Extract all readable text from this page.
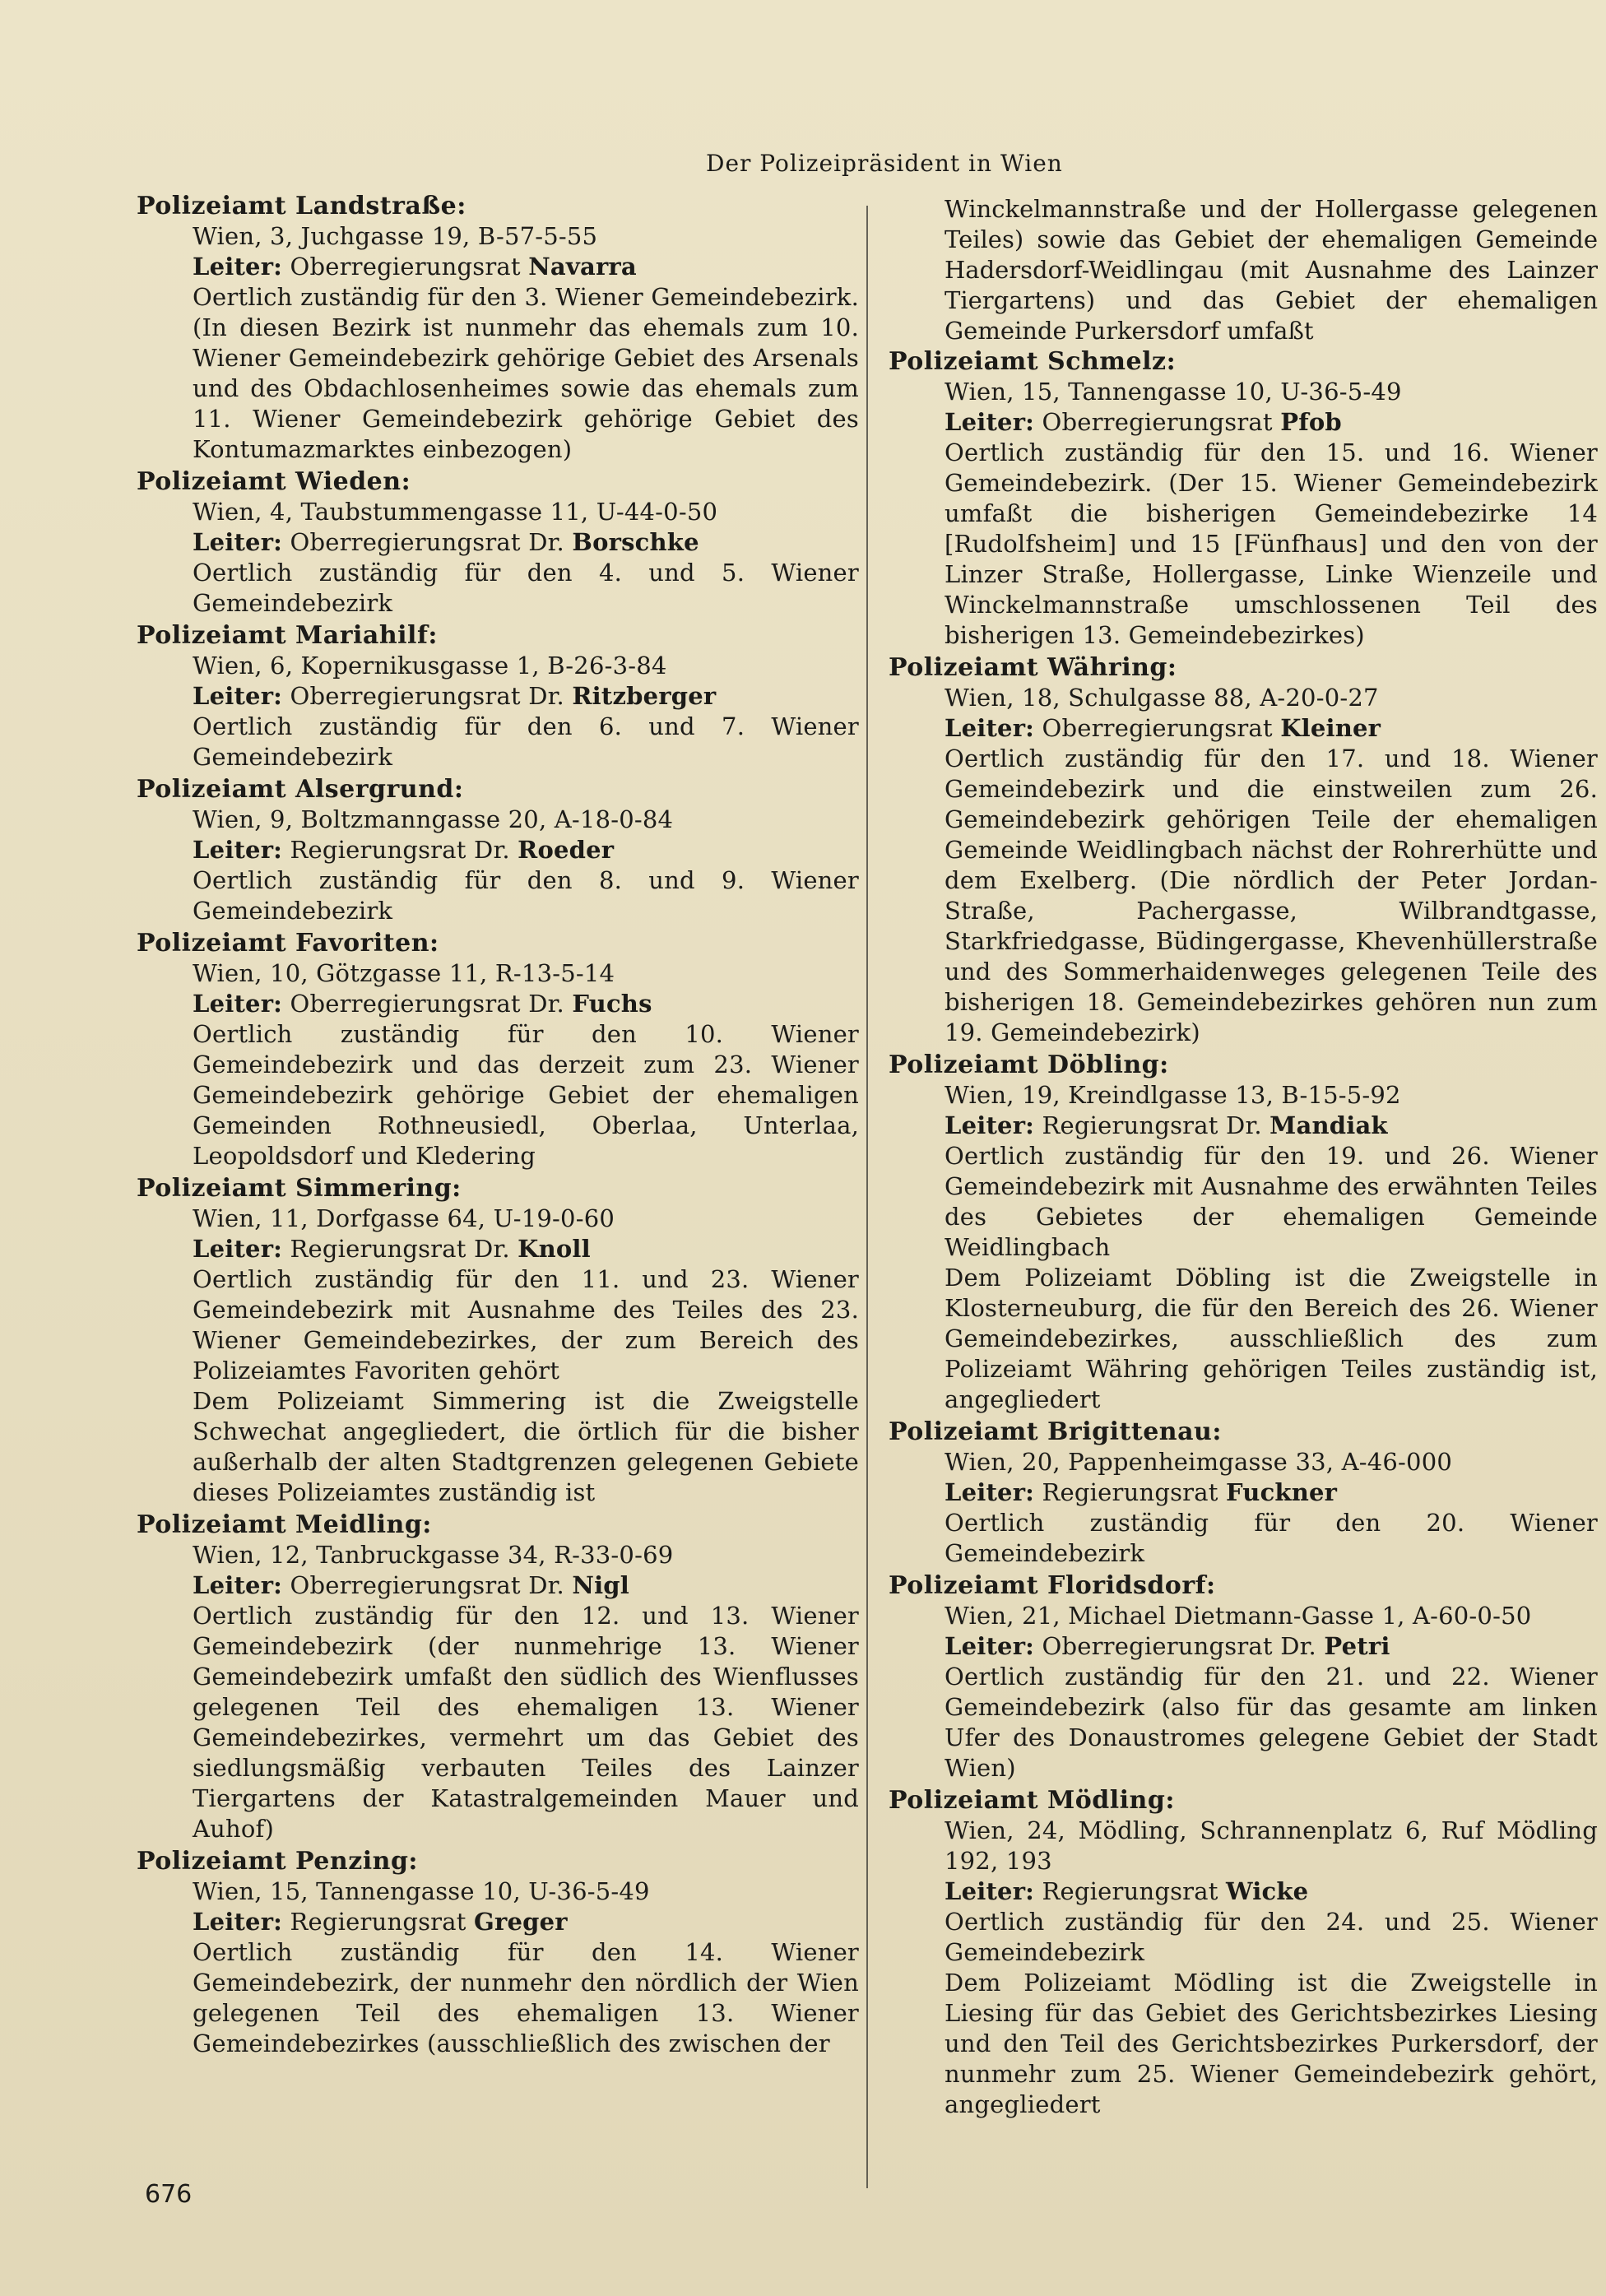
Der Polizeipräsident in Wien
Polizeiamt Landstraße:
Wien, 3, Juchgasse 19, B-57-5-55
Leiter: Oberregierungsrat Navarra
Oertlich zuständig für den 3. Wiener Gemeindebezirk. (In diesen Bezirk ist nunmehr das ehemals zum 10. Wiener Gemeindebezirk gehörige Gebiet des Arsenals und des Obdachlosenheimes sowie das ehemals zum 11. Wiener Gemeindebezirk gehörige Gebiet des Kontumazmarktes einbezogen)
Polizeiamt Wieden:
Wien, 4, Taubstummengasse 11, U-44-0-50
Leiter: Oberregierungsrat Dr. Borschke
Oertlich zuständig für den 4. und 5. Wiener Gemeindebezirk
Polizeiamt Mariahilf:
Wien, 6, Kopernikusgasse 1, B-26-3-84
Leiter: Oberregierungsrat Dr. Ritzberger
Oertlich zuständig für den 6. und 7. Wiener Gemeindebezirk
Polizeiamt Alsergrund:
Wien, 9, Boltzmanngasse 20, A-18-0-84
Leiter: Regierungsrat Dr. Roeder
Oertlich zuständig für den 8. und 9. Wiener Gemeindebezirk
Polizeiamt Favoriten:
Wien, 10, Götzgasse 11, R-13-5-14
Leiter: Oberregierungsrat Dr. Fuchs
Oertlich zuständig für den 10. Wiener Gemeindebezirk und das derzeit zum 23. Wiener Gemeindebezirk gehörige Gebiet der ehemaligen Gemeinden Rothneusiedl, Oberlaa, Unterlaa, Leopoldsdorf und Kledering
Polizeiamt Simmering:
Wien, 11, Dorfgasse 64, U-19-0-60
Leiter: Regierungsrat Dr. Knoll
Oertlich zuständig für den 11. und 23. Wiener Gemeindebezirk mit Ausnahme des Teiles des 23. Wiener Gemeindebezirkes, der zum Bereich des Polizeiamtes Favoriten gehört
Dem Polizeiamt Simmering ist die Zweigstelle Schwechat angegliedert, die örtlich für die bisher außerhalb der alten Stadtgrenzen gelegenen Gebiete dieses Polizeiamtes zuständig ist
Polizeiamt Meidling:
Wien, 12, Tanbruckgasse 34, R-33-0-69
Leiter: Oberregierungsrat Dr. Nigl
Oertlich zuständig für den 12. und 13. Wiener Gemeindebezirk (der nunmehrige 13. Wiener Gemeindebezirk umfaßt den südlich des Wienflusses gelegenen Teil des ehemaligen 13. Wiener Gemeindebezirkes, vermehrt um das Gebiet des siedlungsmäßig verbauten Teiles des Lainzer Tiergartens der Katastralgemeinden Mauer und Auhof)
Polizeiamt Penzing:
Wien, 15, Tannengasse 10, U-36-5-49
Leiter: Regierungsrat Greger
Oertlich zuständig für den 14. Wiener Gemeindebezirk, der nunmehr den nördlich der Wien gelegenen Teil des ehemaligen 13. Wiener Gemeindebezirkes (ausschließlich des zwischen der
Winckelmannstraße und der Hollergasse gelegenen Teiles) sowie das Gebiet der ehemaligen Gemeinde Hadersdorf-Weidlingau (mit Ausnahme des Lainzer Tiergartens) und das Gebiet der ehemaligen Gemeinde Purkersdorf umfaßt
Polizeiamt Schmelz:
Wien, 15, Tannengasse 10, U-36-5-49
Leiter: Oberregierungsrat Pfob
Oertlich zuständig für den 15. und 16. Wiener Gemeindebezirk. (Der 15. Wiener Gemeindebezirk umfaßt die bisherigen Gemeindebezirke 14 [Rudolfsheim] und 15 [Fünfhaus] und den von der Linzer Straße, Hollergasse, Linke Wienzeile und Winckelmannstraße umschlossenen Teil des bisherigen 13. Gemeindebezirkes)
Polizeiamt Währing:
Wien, 18, Schulgasse 88, A-20-0-27
Leiter: Oberregierungsrat Kleiner
Oertlich zuständig für den 17. und 18. Wiener Gemeindebezirk und die einstweilen zum 26. Gemeindebezirk gehörigen Teile der ehemaligen Gemeinde Weidlingbach nächst der Rohrerhütte und dem Exelberg. (Die nördlich der Peter Jordan-Straße, Pachergasse, Wilbrandtgasse, Starkfriedgasse, Büdingergasse, Khevenhüllerstraße und des Sommerhaidenweges gelegenen Teile des bisherigen 18. Gemeindebezirkes gehören nun zum 19. Gemeindebezirk)
Polizeiamt Döbling:
Wien, 19, Kreindlgasse 13, B-15-5-92
Leiter: Regierungsrat Dr. Mandiak
Oertlich zuständig für den 19. und 26. Wiener Gemeindebezirk mit Ausnahme des erwähnten Teiles des Gebietes der ehemaligen Gemeinde Weidlingbach
Dem Polizeiamt Döbling ist die Zweigstelle in Klosterneuburg, die für den Bereich des 26. Wiener Gemeindebezirkes, ausschließlich des zum Polizeiamt Währing gehörigen Teiles zuständig ist, angegliedert
Polizeiamt Brigittenau:
Wien, 20, Pappenheimgasse 33, A-46-000
Leiter: Regierungsrat Fuckner
Oertlich zuständig für den 20. Wiener Gemeindebezirk
Polizeiamt Floridsdorf:
Wien, 21, Michael Dietmann-Gasse 1, A-60-0-50
Leiter: Oberregierungsrat Dr. Petri
Oertlich zuständig für den 21. und 22. Wiener Gemeindebezirk (also für das gesamte am linken Ufer des Donaustromes gelegene Gebiet der Stadt Wien)
Polizeiamt Mödling:
Wien, 24, Mödling, Schrannenplatz 6, Ruf Mödling 192, 193
Leiter: Regierungsrat Wicke
Oertlich zuständig für den 24. und 25. Wiener Gemeindebezirk
Dem Polizeiamt Mödling ist die Zweigstelle in Liesing für das Gebiet des Gerichtsbezirkes Liesing und den Teil des Gerichtsbezirkes Purkersdorf, der nunmehr zum 25. Wiener Gemeindebezirk gehört, angegliedert
676
